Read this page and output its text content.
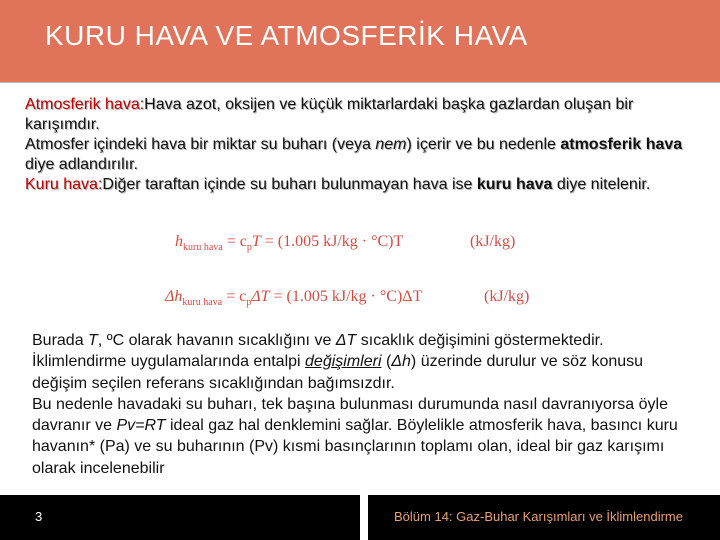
KURU HAVA VE ATMOSFERİK HAVA
Atmosferik hava:Hava azot, oksijen ve küçük miktarlardaki başka gazlardan oluşan bir karışımdır.
Atmosfer içindeki hava bir miktar su buharı (veya nem) içerir ve bu nedenle atmosferik hava diye adlandırılır.
Kuru hava:Diğer taraftan içinde su buharı bulunmayan hava ise kuru hava diye nitelenir.
$h_{kuru hava} = c_pT = (1.005$ kJ/kg · °C)T	(kJ/kg)
$\Delta h_{kuru hava} = c_p\Delta T = (1.005$ kJ/kg · °C)ΔT	(kJ/kg)
Burada T, ºC olarak havanın sıcaklığını ve ΔT sıcaklık değişimini göstermektedir.
İklimlendirme uygulamalarında entalpi değişimleri (Δh) üzerinde durulur ve söz konusu değişim seçilen referans sıcaklığından bağımsızdır.
Bu nedenle havadaki su buharı, tek başına bulunması durumunda nasıl davranıyorsa öyle davranır ve Pv=RT ideal gaz hal denklemini sağlar. Böylelikle atmosferik hava, basıncı kuru havanın* (Pa) ve su buharının (Pv) kısmi basınçlarının toplamı olan, ideal bir gaz karışımı olarak incelenebilir
3	Bölüm 14: Gaz-Buhar Karışımları ve İklimlendirme
